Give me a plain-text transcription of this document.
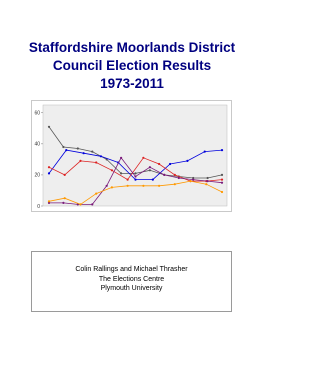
Staffordshire Moorlands District
Council Election Results
1973-2011
0
20
40
60
Colin Rallings and Michael Thrasher
The Elections Centre
Plymouth University
